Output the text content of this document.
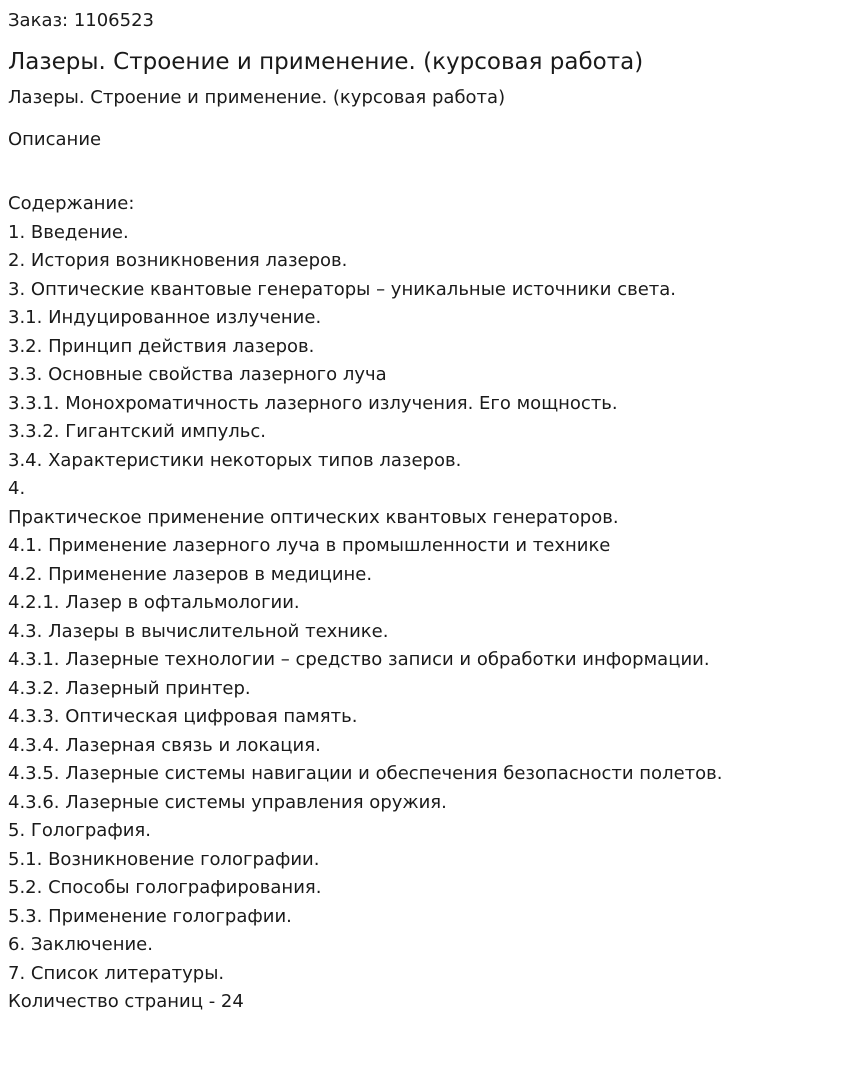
Заказ: 1106523
Лазеры. Строение и применение. (курсовая работа)
Лазеры. Строение и применение. (курсовая работа)
Описание
Содержание:
1. Введение.
2. История возникновения лазеров.
3. Оптические квантовые генераторы – уникальные источники света.
3.1. Индуцированное излучение.
3.2. Принцип действия лазеров.
3.3. Основные свойства лазерного луча
3.3.1. Монохроматичность лазерного излучения. Его мощность.
3.3.2. Гигантский импульс.
3.4. Характеристики некоторых типов лазеров.
4.
Практическое применение оптических квантовых генераторов.
4.1. Применение лазерного луча в промышленности и технике
4.2. Применение лазеров в медицине.
4.2.1. Лазер в офтальмологии.
4.3. Лазеры в вычислительной технике.
4.3.1. Лазерные технологии – средство записи и обработки информации.
4.3.2. Лазерный принтер.
4.3.3. Оптическая цифровая память.
4.3.4. Лазерная связь и локация.
4.3.5. Лазерные системы навигации и обеспечения безопасности полетов.
4.3.6. Лазерные системы управления оружия.
5. Голография.
5.1. Возникновение голографии.
5.2. Способы голографирования.
5.3. Применение голографии.
6. Заключение.
7. Список литературы.
Количество страниц - 24
